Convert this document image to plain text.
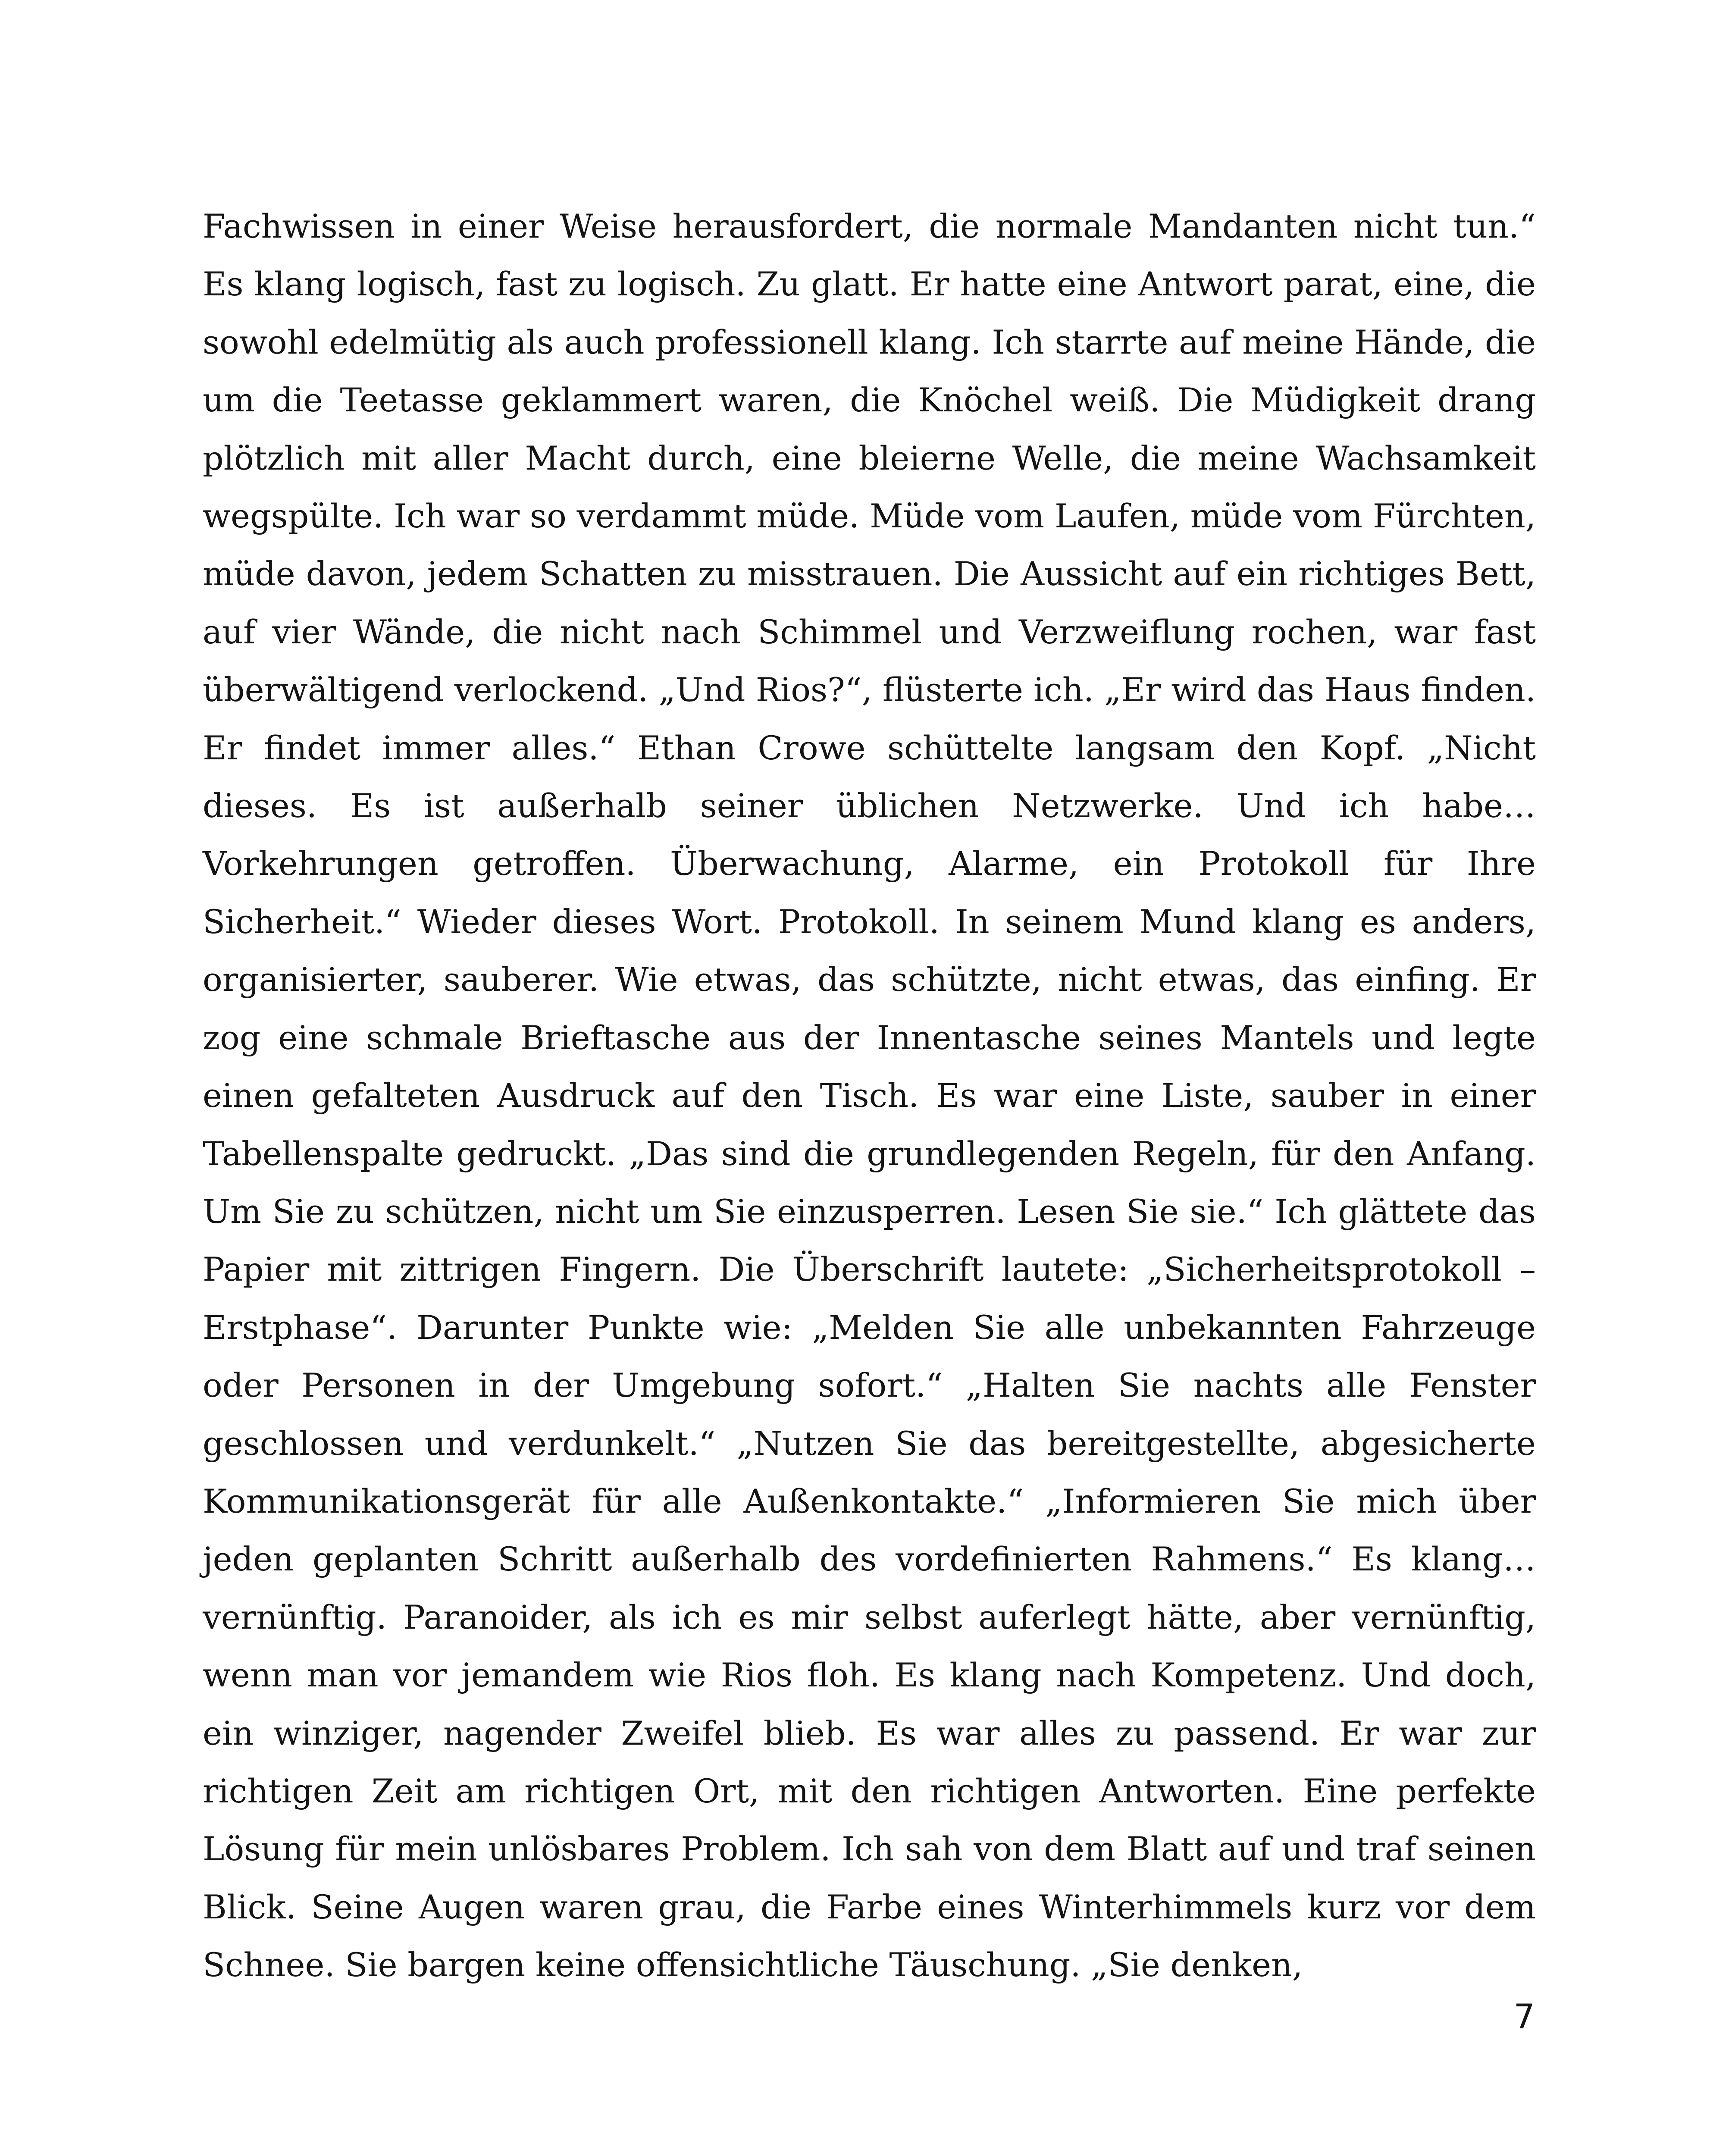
Fachwissen in einer Weise herausfordert, die normale Mandanten nicht tun.“ Es klang logisch, fast zu logisch. Zu glatt. Er hatte eine Antwort parat, eine, die sowohl edelmütig als auch professionell klang. Ich starrte auf meine Hände, die um die Teetasse geklammert waren, die Knöchel weiß. Die Müdigkeit drang plötzlich mit aller Macht durch, eine bleierne Welle, die meine Wachsamkeit wegspülte. Ich war so verdammt müde. Müde vom Laufen, müde vom Fürchten, müde davon, jedem Schatten zu misstrauen. Die Aussicht auf ein richtiges Bett, auf vier Wände, die nicht nach Schimmel und Verzweiflung rochen, war fast überwältigend verlockend. „Und Rios?“, flüsterte ich. „Er wird das Haus finden. Er findet immer alles.“ Ethan Crowe schüttelte langsam den Kopf. „Nicht dieses. Es ist außerhalb seiner üblichen Netzwerke. Und ich habe… Vorkehrungen getroffen. Überwachung, Alarme, ein Protokoll für Ihre Sicherheit.“ Wieder dieses Wort. Protokoll. In seinem Mund klang es anders, organisierter, sauberer. Wie etwas, das schützte, nicht etwas, das einfing. Er zog eine schmale Brieftasche aus der Innentasche seines Mantels und legte einen gefalteten Ausdruck auf den Tisch. Es war eine Liste, sauber in einer Tabellenspalte gedruckt. „Das sind die grundlegenden Regeln, für den Anfang. Um Sie zu schützen, nicht um Sie einzusperren. Lesen Sie sie.“ Ich glättete das Papier mit zittrigen Fingern. Die Überschrift lautete: „Sicherheitsprotokoll – Erstphase“. Darunter Punkte wie: „Melden Sie alle unbekannten Fahrzeuge oder Personen in der Umgebung sofort.“ „Halten Sie nachts alle Fenster geschlossen und verdunkelt.“ „Nutzen Sie das bereitgestellte, abgesicherte Kommunikationsgerät für alle Außenkontakte.“ „Informieren Sie mich über jeden geplanten Schritt außerhalb des vordefinierten Rahmens.“ Es klang… vernünftig. Paranoider, als ich es mir selbst auferlegt hätte, aber vernünftig, wenn man vor jemandem wie Rios floh. Es klang nach Kompetenz. Und doch, ein winziger, nagender Zweifel blieb. Es war alles zu passend. Er war zur richtigen Zeit am richtigen Ort, mit den richtigen Antworten. Eine perfekte Lösung für mein unlösbares Problem. Ich sah von dem Blatt auf und traf seinen Blick. Seine Augen waren grau, die Farbe eines Winterhimmels kurz vor dem Schnee. Sie bargen keine offensichtliche Täuschung. „Sie denken,

7
